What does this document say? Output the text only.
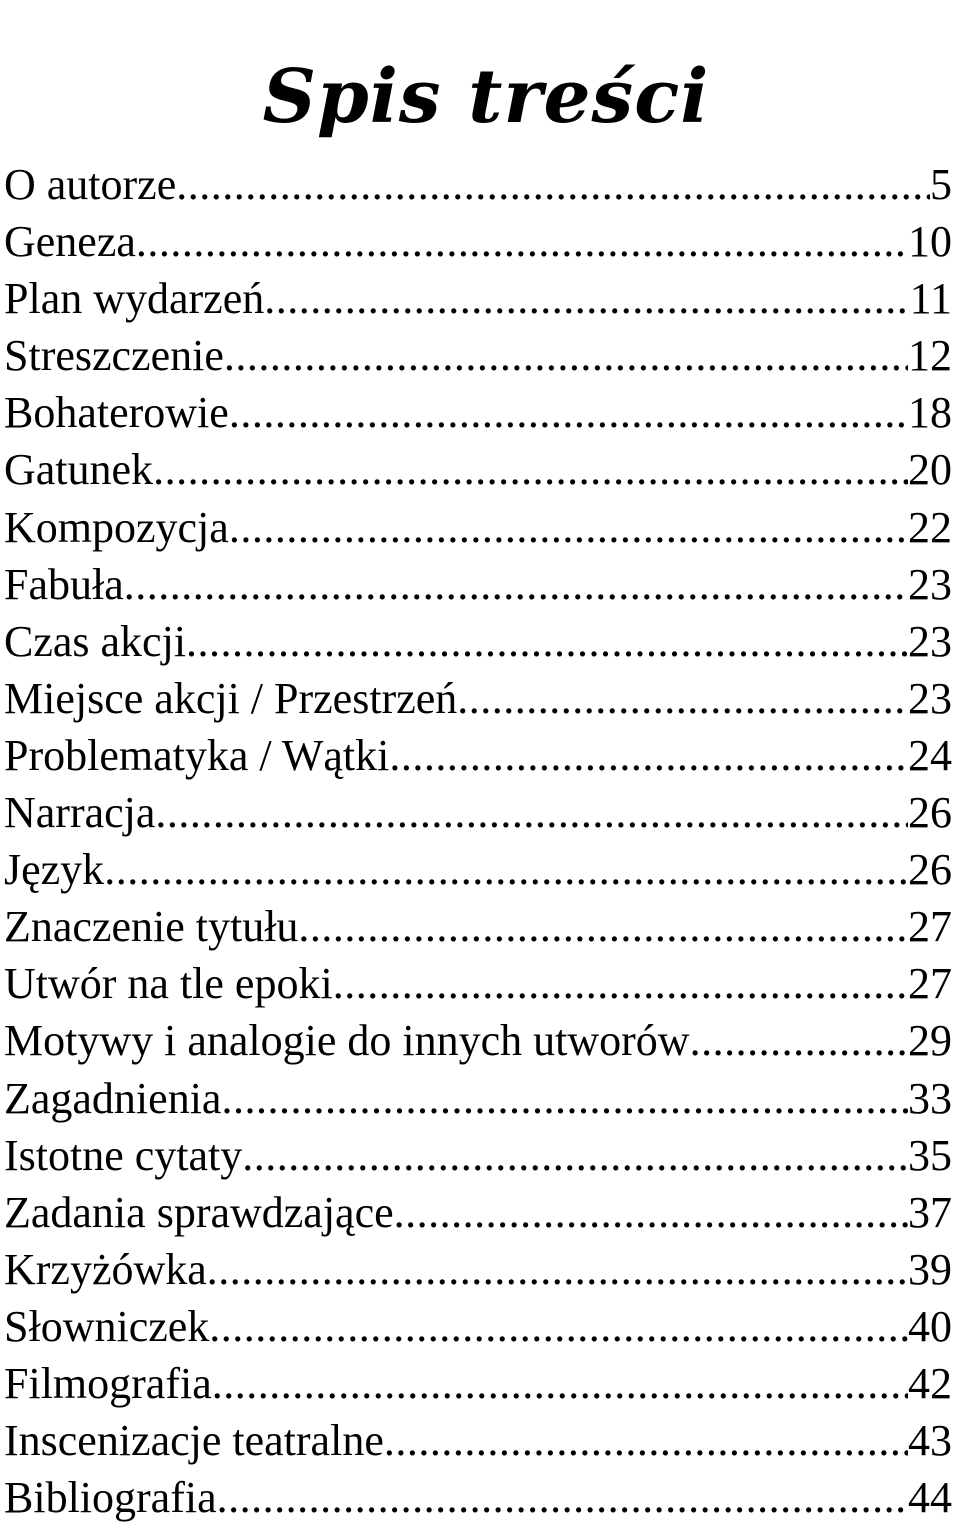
Spis treści
O autorze .....	5
Geneza .....	10
Plan wydarzeń .....	11
Streszczenie .....	12
Bohaterowie .....	18
Gatunek .....	20
Kompozycja .....	22
Fabuła .....	23
Czas akcji .....	23
Miejsce akcji / Przestrzeń .....	23
Problematyka / Wątki .....	24
Narracja .....	26
Język .....	26
Znaczenie tytułu .....	27
Utwór na tle epoki .....	27
Motywy i analogie do innych utworów .....	29
Zagadnienia .....	33
Istotne cytaty .....	35
Zadania sprawdzające .....	37
Krzyżówka .....	39
Słowniczek .....	40
Filmografia .....	42
Inscenizacje teatralne .....	43
Bibliografia .....	44
